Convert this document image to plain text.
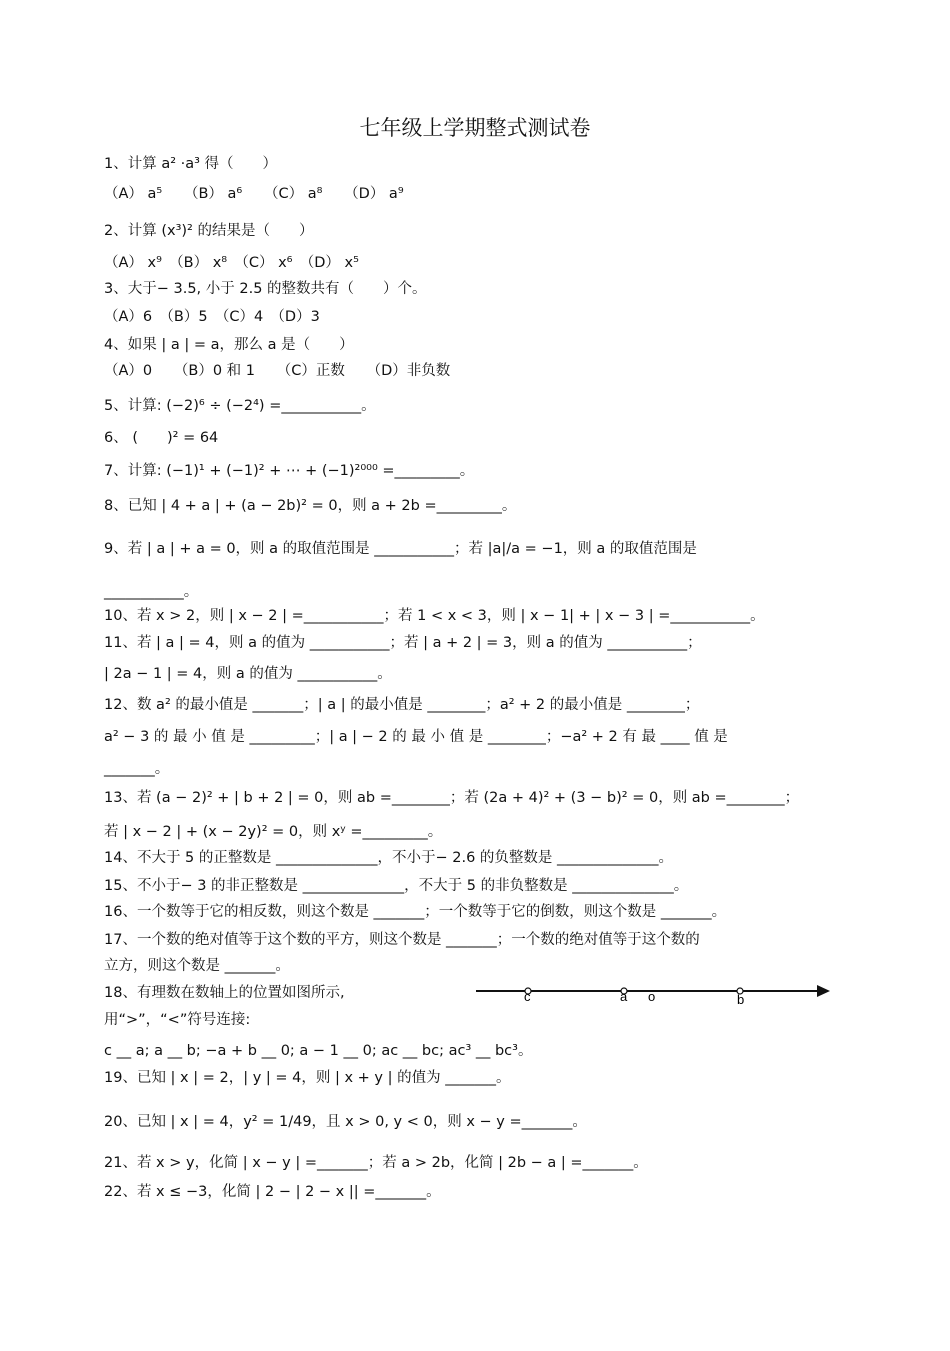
七年级上学期整式测试卷
1、计算 a² ·a³ 得（　　）
（A） a⁵　　（B） a⁶　　（C） a⁸　　（D） a⁹
2、计算 (x³)² 的结果是（　　）
（A） x⁹　（B） x⁸　（C） x⁶　（D） x⁵
3、大于− 3.5, 小于 2.5 的整数共有（　　）个。
（A）6　（B）5　（C）4　（D）3
4、如果 | a | = a，那么 a 是（　　）
（A）0　　（B）0 和 1　　（C）正数　　（D）非负数
5、计算: (−2)⁶ ÷ (−2⁴) =___________。
6、 (　　)² = 64
7、计算: (−1)¹ + (−1)² + ⋯ + (−1)²⁰⁰⁰ =_________。
8、已知 | 4 + a | + (a − 2b)² = 0，则 a + 2b =_________。
9、若 | a | + a = 0，则 a 的取值范围是 ___________；若 |a|/a = −1，则 a 的取值范围是
___________。
10、若 x > 2，则 | x − 2 | =___________；若 1 < x < 3，则 | x − 1| + | x − 3 | =___________。
11、若 | a | = 4，则 a 的值为 ___________；若 | a + 2 | = 3，则 a 的值为 ___________；
| 2a − 1 | = 4，则 a 的值为 ___________。
12、数 a² 的最小值是 _______；| a | 的最小值是 ________；a² + 2 的最小值是 ________；
a² − 3 的 最 小 值 是 _________；| a | − 2 的 最 小 值 是 ________；−a² + 2 有 最 ____ 值 是
_______。
13、若 (a − 2)² + | b + 2 | = 0，则 ab =________；若 (2a + 4)² + (3 − b)² = 0，则 ab =________；
若 | x − 2 | + (x − 2y)² = 0，则 xʸ =_________。
14、不大于 5 的正整数是 ______________，不小于− 2.6 的负整数是 ______________。
15、不小于− 3 的非正整数是 ______________，不大于 5 的非负整数是 ______________。
16、一个数等于它的相反数，则这个数是 _______；一个数等于它的倒数，则这个数是 _______。
17、一个数的绝对值等于这个数的平方，则这个数是 _______；一个数的绝对值等于这个数的
立方，则这个数是 _______。
18、有理数在数轴上的位置如图所示,
用“>”，“<”符号连接:
c __ a; a __ b; −a + b __ 0; a − 1 __ 0; ac __ bc; ac³ __ bc³。
19、已知 | x | = 2，| y | = 4，则 | x + y | 的值为 _______。
20、已知 | x | = 4，y² = 1/49，且 x > 0, y < 0，则 x − y =_______。
21、若 x > y，化简 | x − y | =_______；若 a > 2b，化简 | 2b − a | =_______。
22、若 x ≤ −3，化简 | 2 − | 2 − x || =_______。
c	a o	b
